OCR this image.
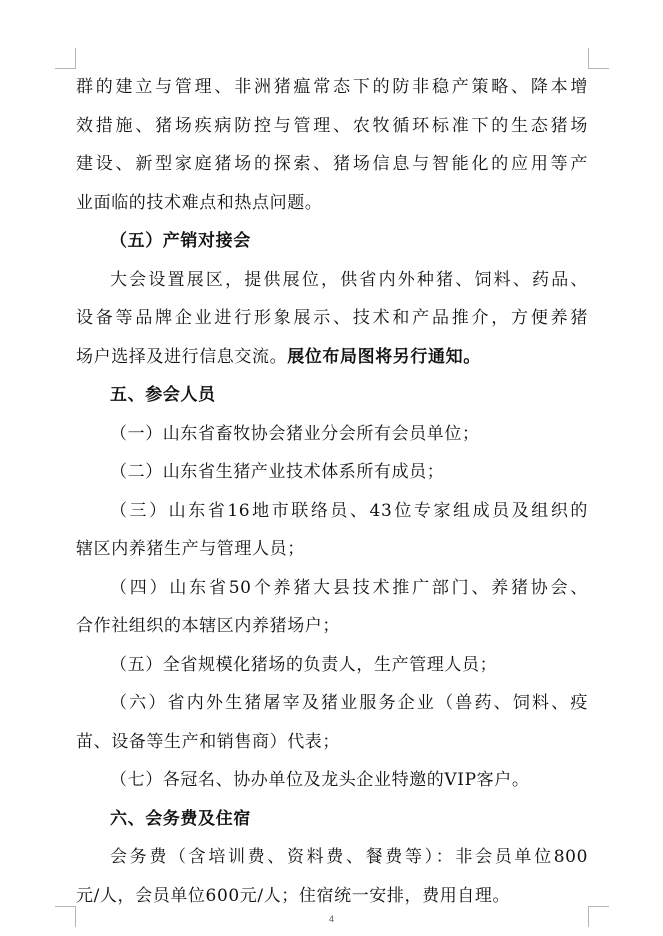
群的建立与管理、非洲猪瘟常态下的防非稳产策略、降本增
效措施、猪场疾病防控与管理、农牧循环标准下的生态猪场
建设、新型家庭猪场的探索、猪场信息与智能化的应用等产
业面临的技术难点和热点问题。
（五）产销对接会
大会设置展区，提供展位，供省内外种猪、饲料、药品、
设备等品牌企业进行形象展示、技术和产品推介，方便养猪
场户选择及进行信息交流。展位布局图将另行通知。
五、参会人员
（一）山东省畜牧协会猪业分会所有会员单位；
（二）山东省生猪产业技术体系所有成员；
（三）山东省16地市联络员、43位专家组成员及组织的
辖区内养猪生产与管理人员；
（四）山东省50个养猪大县技术推广部门、养猪协会、
合作社组织的本辖区内养猪场户；
（五）全省规模化猪场的负责人，生产管理人员；
（六）省内外生猪屠宰及猪业服务企业（兽药、饲料、疫
苗、设备等生产和销售商）代表；
（七）各冠名、协办单位及龙头企业特邀的VIP客户。
六、会务费及住宿
会务费（含培训费、资料费、餐费等）：非会员单位800
元/人，会员单位600元/人；住宿统一安排，费用自理。
4
